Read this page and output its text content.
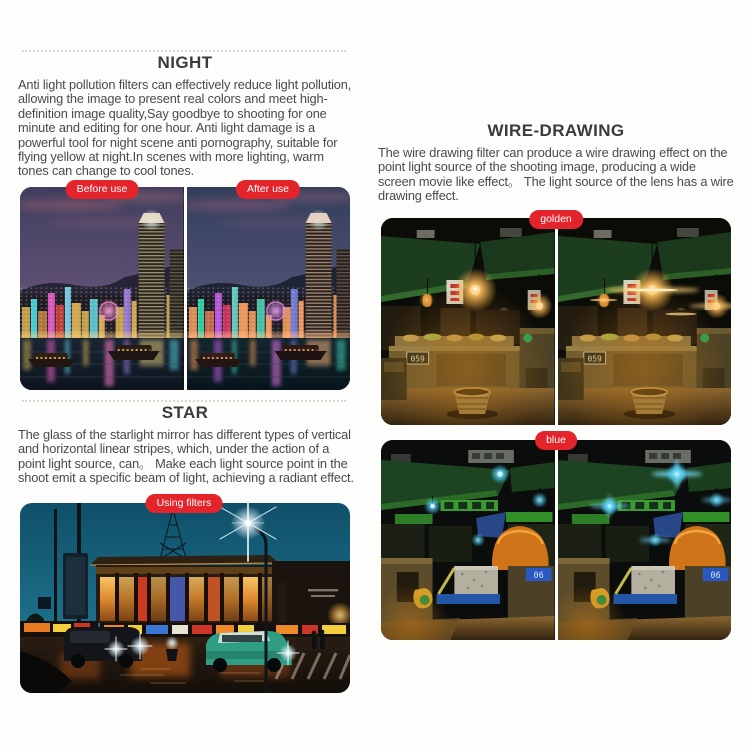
NIGHT

Anti light pollution filters can effectively reduce light pollution, allowing the image to present real colors and meet high-definition image quality,Say goodbye to shooting for one minute and editing for one hour. Anti light damage is a powerful tool for night scene anti pornography, suitable for flying yellow at night.In scenes with more lighting, warm tones can change to cool tones.

Before use	After use
STAR

The glass of the starlight mirror has different types of vertical and horizontal linear stripes, which, under the action of a point light source, can。 Make each light source point in the shoot emit a specific beam of light, achieving a radiant effect.

Using filters
WIRE-DRAWING

The wire drawing filter can produce a wire drawing effect on the point light source of the shooting image, producing a wide screen movie like effect。 The light source of the lens has a wire drawing effect.

golden
blue
